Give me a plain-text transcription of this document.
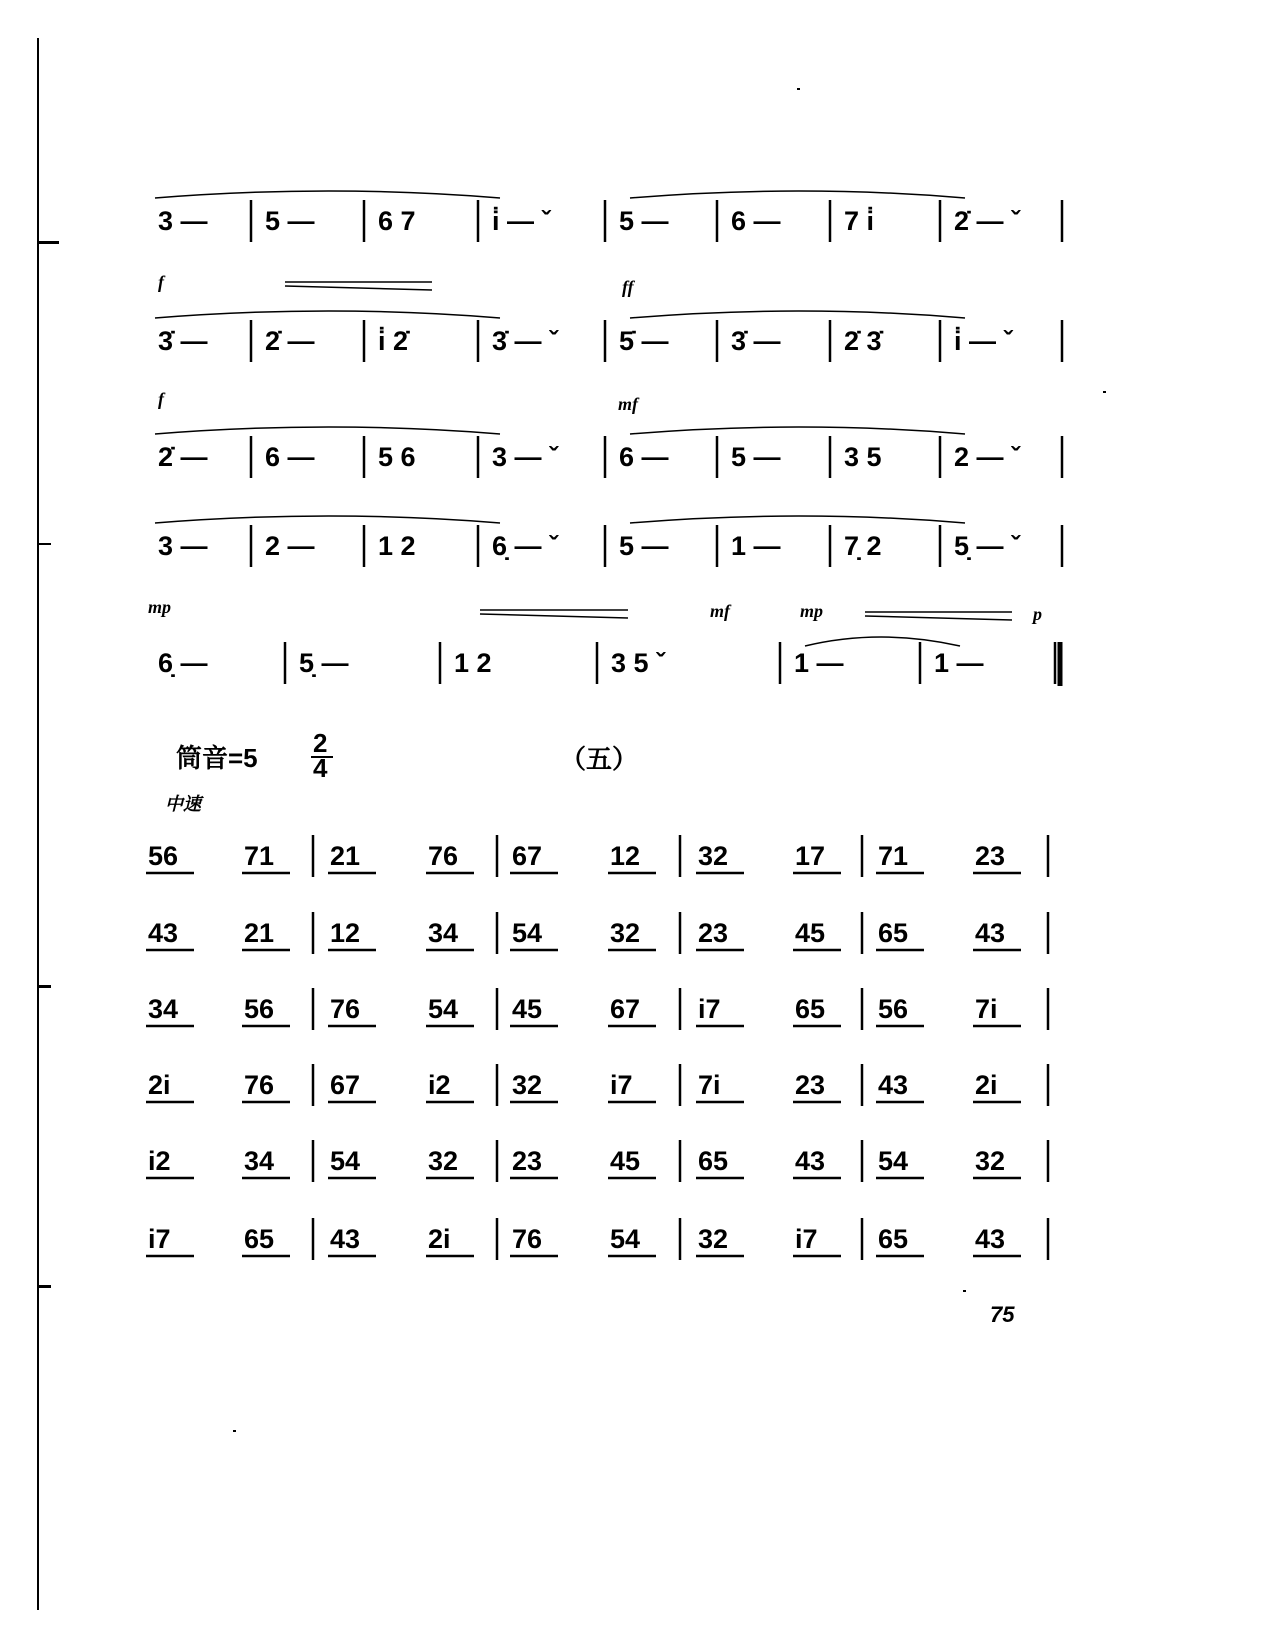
3 — 5 — 6 7	i̇ — ˇ	5 — 6 — 7 i̇	2̇ — ˇ
3̇ — 2̇ — i̇ 2̇	3̇ — ˇ 5̇ — 3̇ — 2̇ 3̇	i̇ — ˇ
2̇ — 6 — 5 6	3 — ˇ 6 — 5 — 3 5	2 — ˇ
3 — 2 — 1 2	6̣ — ˇ 5 — 1 — 7̣ 2	5̣ — ˇ
6̣ —	5̣ —	1 2	3 5 ˇ	1 —	1 —
f	ff
f	mf
mp	mf	mp	p
筒音=5 2
4	（五）
中速
56 71 21	76 67	12 32 17 71 23
43 21 12	34 54	32 23 45 65 43
34 56 76	54 45	67 i7	65 56 7i
2i	76 67	i2 32	i7 7i	23 43 2i
i2	34 54	32 23	45 65 43 54 32
i7	65 43	2i 76	54 32 i7 65 43
75
